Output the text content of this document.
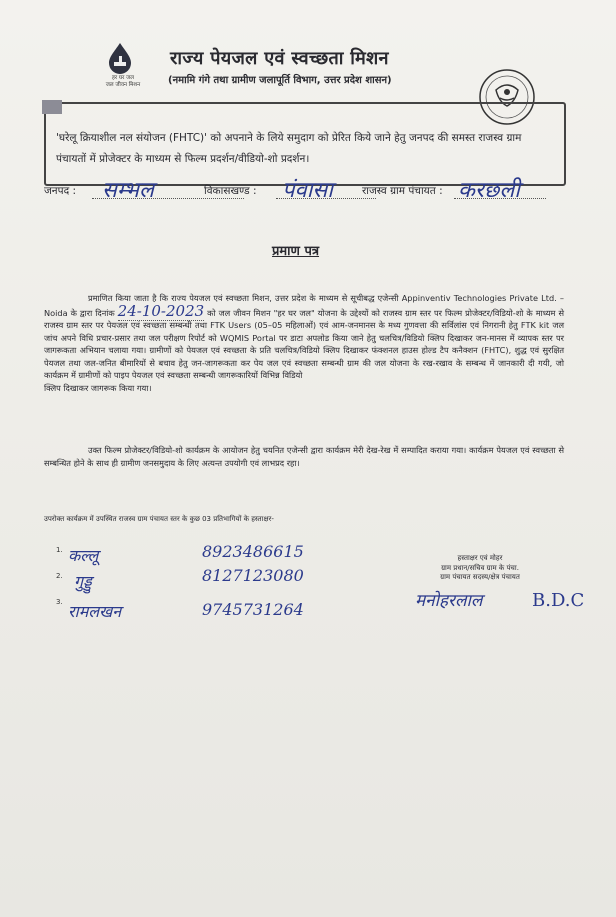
हर घर जल
जल जीवन मिशन
राज्य पेयजल एवं स्वच्छता मिशन
(नमामि गंगे तथा ग्रामीण जलापूर्ति विभाग, उत्तर प्रदेश शासन)
'घरेलू क्रियाशील नल संयोजन (FHTC)' को अपनाने के लिये समुदाग को प्रेरित किये जाने हेतु जनपद की समस्त राजस्व ग्राम पंचायतों में प्रोजेक्टर के माध्यम से फिल्म प्रदर्शन/वीडियो-शो प्रदर्शन।
जनपद : सम्भल	विकासखण्ड : पंवासा	राजस्व ग्राम पंचायत : करछली
प्रमाण पत्र

प्रमाणित किया जाता है कि राज्य पेयजल एवं स्वच्छता मिशन, उत्तर प्रदेश के माध्यम से सूचीबद्ध एजेन्सी Appinventiv Technologies Private Ltd. – Noida के द्वारा दिनांक 24-10-2023 को जल जीवन मिशन "हर घर जल" योजना के उद्देश्यों को राजस्व ग्राम स्तर पर फिल्म प्रोजेक्टर/विडियो-शो के माध्यम से राजस्व ग्राम स्तर पर पेयजल एवं स्वच्छता सम्बन्धी तथा FTK Users (05–05 महिलाओं) एवं आम-जनमानस के मध्य गुणवत्ता की सर्विलांस एवं निगरानी हेतु FTK kit जल जांच अपने विधि प्रचार-प्रसार तथा जल परीक्षण रिपोर्ट को WQMIS Portal पर डाटा अपलोड किया जाने हेतु चलचित्र/विडियो क्लिप दिखाकर जन-मानस में व्यापक स्तर पर जागरूकता अभियान चलाया गया। ग्रामीणों को पेयजल एवं स्वच्छता के प्रति चलचित्र/विडियो क्लिप दिखाकर फंक्शनल हाउस होल्ड टैप कनैक्शन (FHTC), शुद्ध एवं सुरक्षित पेयजल तथा जल-जनित बीमारियों से बचाव हेतु जन-जागरूकता कर पेय जल एवं स्वच्छता सम्बन्धी ग्राम की जल योजना के रख-रखाव के सम्बन्ध में जानकारी दी गयी, जो कार्यक्रम में ग्रामीणों को पाइप पेयजल एवं स्वच्छता सम्बन्धी जागरूकारियों विभिन्न विडियो

क्लिप दिखाकर जागरूक किया गया।

उक्त फिल्म प्रोजेक्टर/विडियो-शो कार्यक्रम के आयोजन हेतु चयनित एजेन्सी द्वारा कार्यक्रम मेरी देख-रेख में सम्पादित कराया गया। कार्यक्रम पेयजल एवं स्वच्छता से सम्बन्धित होने के साथ ही ग्रामीण जनसमुदाय के लिए अत्यन्त उपयोगी एवं लाभप्रद रहा।

उपरोक्त कार्यक्रम में उपस्थित राजस्व ग्राम पंचायत स्तर के कुछ 03 प्रतिभागियों के हस्ताक्षर-
1. कल्लू	8923486615
2. गुड्डु	8127123080
3. रामलखन	9745731264
हस्ताक्षर एवं मोहर
ग्राम प्रधान/सचिव ग्राम के पंचा.
ग्राम पंचायत सदस्य/क्षेत्र पंचायत
मनोहरलाल	B.D.C
